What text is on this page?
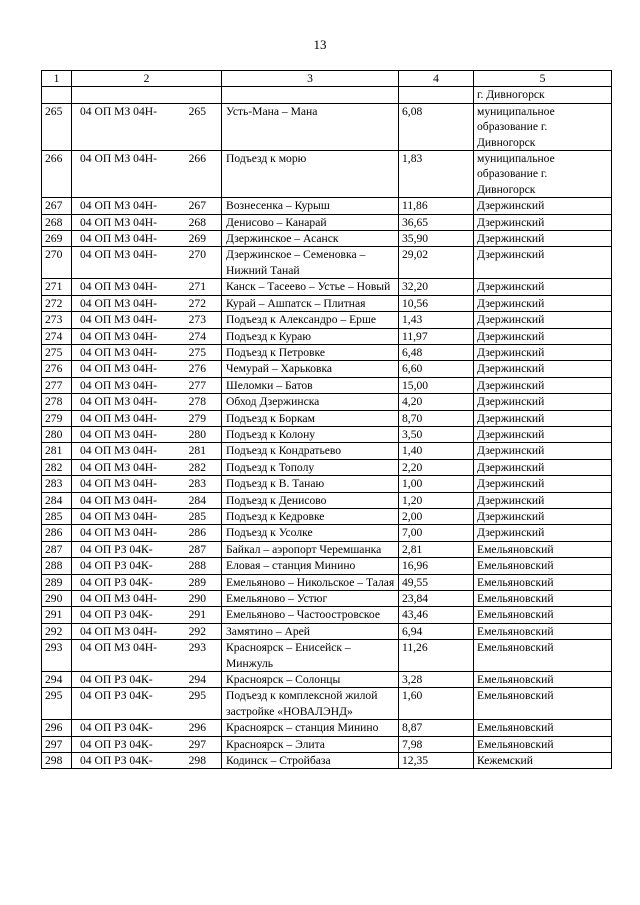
13
1	2	3	4	5
				г. Дивногорск
265	04 ОП МЗ 04Н- 265	Усть-Мана – Мана	6,08	муниципальное образование г. Дивногорск
266	04 ОП МЗ 04Н- 266	Подъезд к морю	1,83	муниципальное образование г. Дивногорск
267	04 ОП МЗ 04Н- 267	Вознесенка – Курыш	11,86	Дзержинский
268	04 ОП МЗ 04Н- 268	Денисово – Канарай	36,65	Дзержинский
269	04 ОП МЗ 04Н- 269	Дзержинское – Асанск	35,90	Дзержинский
270	04 ОП МЗ 04Н- 270	Дзержинское – Семеновка – Нижний Танай	29,02	Дзержинский
271	04 ОП МЗ 04Н- 271	Канск – Тасеево – Устье – Новый	32,20	Дзержинский
272	04 ОП МЗ 04Н- 272	Курай – Ашпатск – Плитная	10,56	Дзержинский
273	04 ОП МЗ 04Н- 273	Подъезд к Александро – Ерше	1,43	Дзержинский
274	04 ОП МЗ 04Н- 274	Подъезд к Кураю	11,97	Дзержинский
275	04 ОП МЗ 04Н- 275	Подъезд к Петровке	6,48	Дзержинский
276	04 ОП МЗ 04Н- 276	Чемурай – Харьковка	6,60	Дзержинский
277	04 ОП МЗ 04Н- 277	Шеломки – Батов	15,00	Дзержинский
278	04 ОП МЗ 04Н- 278	Обход Дзержинска	4,20	Дзержинский
279	04 ОП МЗ 04Н- 279	Подъезд к Боркам	8,70	Дзержинский
280	04 ОП МЗ 04Н- 280	Подъезд к Колону	3,50	Дзержинский
281	04 ОП МЗ 04Н- 281	Подъезд к Кондратьево	1,40	Дзержинский
282	04 ОП МЗ 04Н- 282	Подъезд к Тополу	2,20	Дзержинский
283	04 ОП МЗ 04Н- 283	Подъезд к В. Танаю	1,00	Дзержинский
284	04 ОП МЗ 04Н- 284	Подъезд к Денисово	1,20	Дзержинский
285	04 ОП МЗ 04Н- 285	Подъезд к Кедровке	2,00	Дзержинский
286	04 ОП МЗ 04Н- 286	Подъезд к Усолке	7,00	Дзержинский
287	04 ОП РЗ 04К- 287	Байкал – аэропорт Черемшанка	2,81	Емельяновский
288	04 ОП РЗ 04К- 288	Еловая – станция Минино	16,96	Емельяновский
289	04 ОП РЗ 04К- 289	Емельяново – Никольское – Талая	49,55	Емельяновский
290	04 ОП МЗ 04Н- 290	Емельяново – Устюг	23,84	Емельяновский
291	04 ОП РЗ 04К- 291	Емельяново – Частоостровское	43,46	Емельяновский
292	04 ОП МЗ 04Н- 292	Замятино – Арей	6,94	Емельяновский
293	04 ОП МЗ 04Н- 293	Красноярск – Енисейск – Минжуль	11,26	Емельяновский
294	04 ОП РЗ 04К- 294	Красноярск – Солонцы	3,28	Емельяновский
295	04 ОП РЗ 04К- 295	Подъезд к комплексной жилой застройке «НОВАЛЭНД»	1,60	Емельяновский
296	04 ОП РЗ 04К- 296	Красноярск – станция Минино	8,87	Емельяновский
297	04 ОП РЗ 04К- 297	Красноярск – Элита	7,98	Емельяновский
298	04 ОП РЗ 04К- 298	Кодинск – Стройбаза	12,35	Кежемский
